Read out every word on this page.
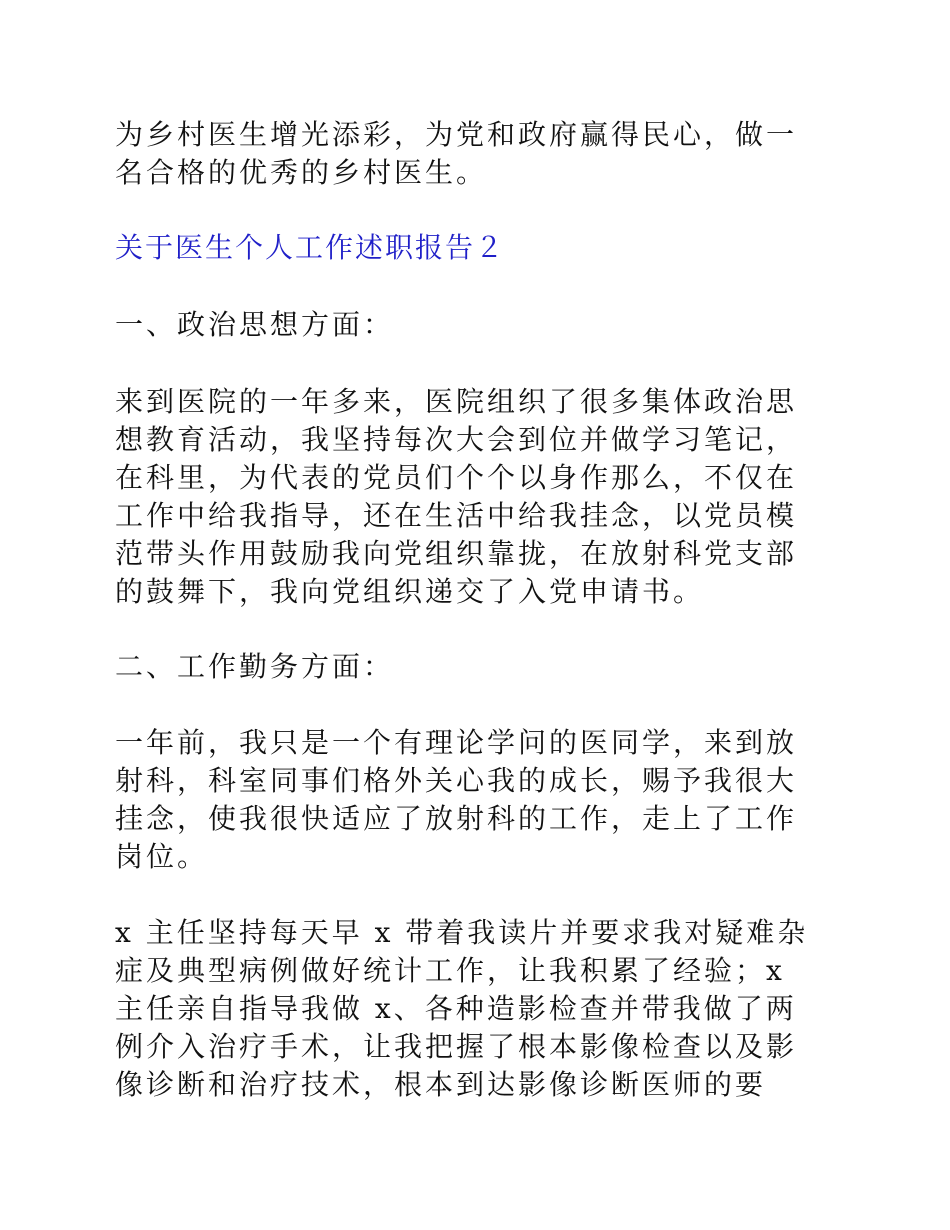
为乡村医生增光添彩，为党和政府赢得民心，做一
名合格的优秀的乡村医生。
关于医生个人工作述职报告２
一、政治思想方面：
来到医院的一年多来，医院组织了很多集体政治思
想教育活动，我坚持每次大会到位并做学习笔记，
在科里，为代表的党员们个个以身作那么，不仅在
工作中给我指导，还在生活中给我挂念，以党员模
范带头作用鼓励我向党组织靠拢，在放射科党支部
的鼓舞下，我向党组织递交了入党申请书。
二、工作勤务方面：
一年前，我只是一个有理论学问的医同学，来到放
射科，科室同事们格外关心我的成长，赐予我很大
挂念，使我很快适应了放射科的工作，走上了工作
岗位。
x 主任坚持每天早 x 带着我读片并要求我对疑难杂
症及典型病例做好统计工作，让我积累了经验；x
主任亲自指导我做 x、各种造影检查并带我做了两
例介入治疗手术，让我把握了根本影像检查以及影
像诊断和治疗技术，根本到达影像诊断医师的要
